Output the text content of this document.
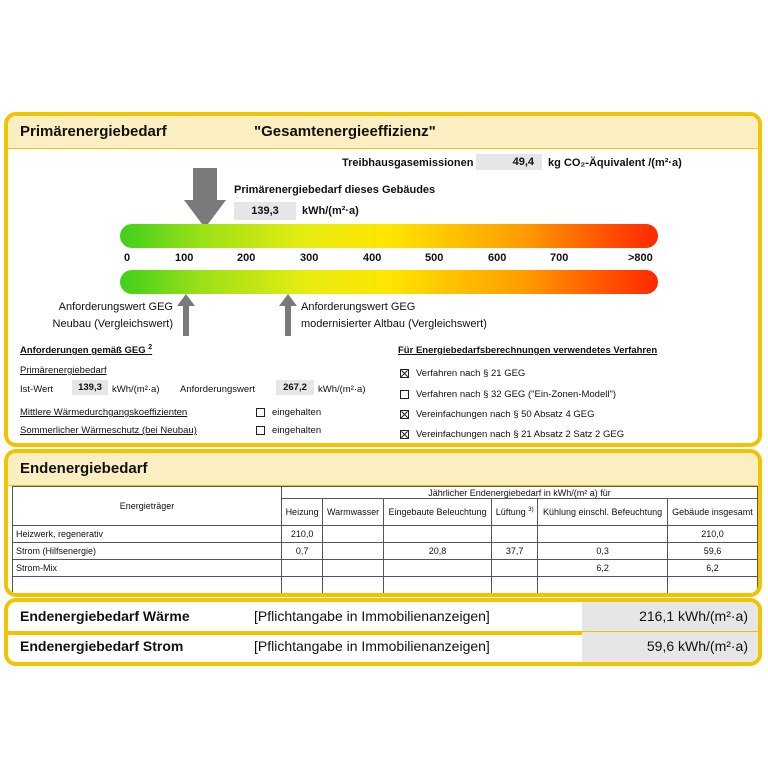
Primärenergiebedarf	"Gesamtenergieeffizienz"
Treibhausgasemissionen	49,4	kg CO₂-Äquivalent /(m²·a)
Primärenergiebedarf dieses Gebäudes
139,3	kWh/(m²·a)
0	100	200	300	400	500	600	700	>800
Anforderungswert GEG
Neubau (Vergleichswert)
Anforderungswert GEG
modernisierter Altbau (Vergleichswert)
Anforderungen gemäß GEG $^2$
Primärenergiebedarf
Ist-Wert	139,3	kWh/(m²·a) Anforderungswert	267,2	kWh/(m²·a)
Mittlere Wärmedurchgangskoeffizienten	eingehalten
Sommerlicher Wärmeschutz (bei Neubau)	eingehalten
Für Energiebedarfsberechnungen verwendetes Verfahren
Verfahren nach § 21 GEG
Verfahren nach § 32 GEG ("Ein-Zonen-Modell")
Vereinfachungen nach § 50 Absatz 4 GEG
Vereinfachungen nach § 21 Absatz 2 Satz 2 GEG
Endenergiebedarf
Energieträger	Jährlicher Endenergiebedarf in kWh/(m² a) für					
	Heizung	Warmwasser	Eingebaute Beleuchtung	Lüftung $^{3)}$	Kühlung einschl. Befeuchtung	Gebäude insgesamt
Heizwerk, regenerativ	210,0					210,0
Strom (Hilfsenergie)	0,7		20,8	37,7	0,3	59,6
Strom-Mix					6,2	6,2

Endenergiebedarf Wärme	[Pflichtangabe in Immobilienanzeigen]	216,1 kWh/(m²·a)
Endenergiebedarf Strom	[Pflichtangabe in Immobilienanzeigen]	59,6 kWh/(m²·a)
